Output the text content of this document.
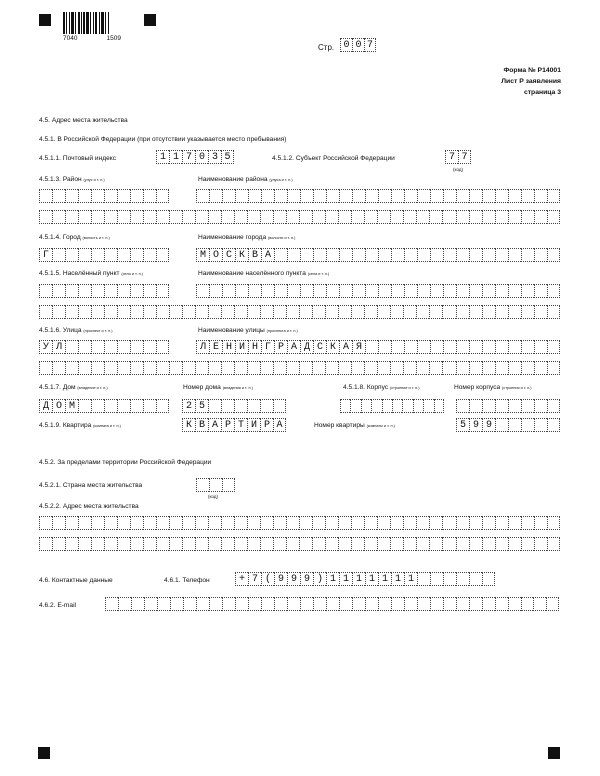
7040	1509
Стр. 0 0 7
Форма № Р14001
Лист Р заявления
страница 3
4.5. Адрес места жительства
4.5.1. В Российской Федерации (при отсутствии указывается место пребывания)
4.5.1.1. Почтовый индекс	1 1 7 0 3 5	4.5.1.2. Субъект Российской Федерации	7 7
(код)
4.5.1.3. Район (улус и т. п.)	Наименование района (улуса и т. п.)
4.5.1.4. Город (волость и т. п.)	Наименование города (волости и т. п.)
Г	М О С К В А
4.5.1.5. Населённый пункт (село и т. п.)	Наименование населённого пункта (села и т. п.)
4.5.1.6. Улица (проспект и т. п.)	Наименование улицы (проспекта и т. п.)
У Л	Л Е Н И Н Г Р А Д С К А Я
4.5.1.7. Дом (владение и т. п.)	Номер дома (владения и т. п.)	4.5.1.8. Корпус (строение и т. п.)	Номер корпуса (строения и т. п.)
Д О М	2 5
4.5.1.9. Квартира (комната и т. п.)	К В А Р Т И Р А	Номер квартиры (комнаты и т. п.)	5 9 9
4.5.2. За пределами территории Российской Федерации
4.5.2.1. Страна места жительства
(код)
4.5.2.2. Адрес места жительства
4.6. Контактные данные	4.6.1. Телефон	+ 7 ( 9 9 9 ) 1 1 1 1 1 1 1
4.6.2. E-mail
